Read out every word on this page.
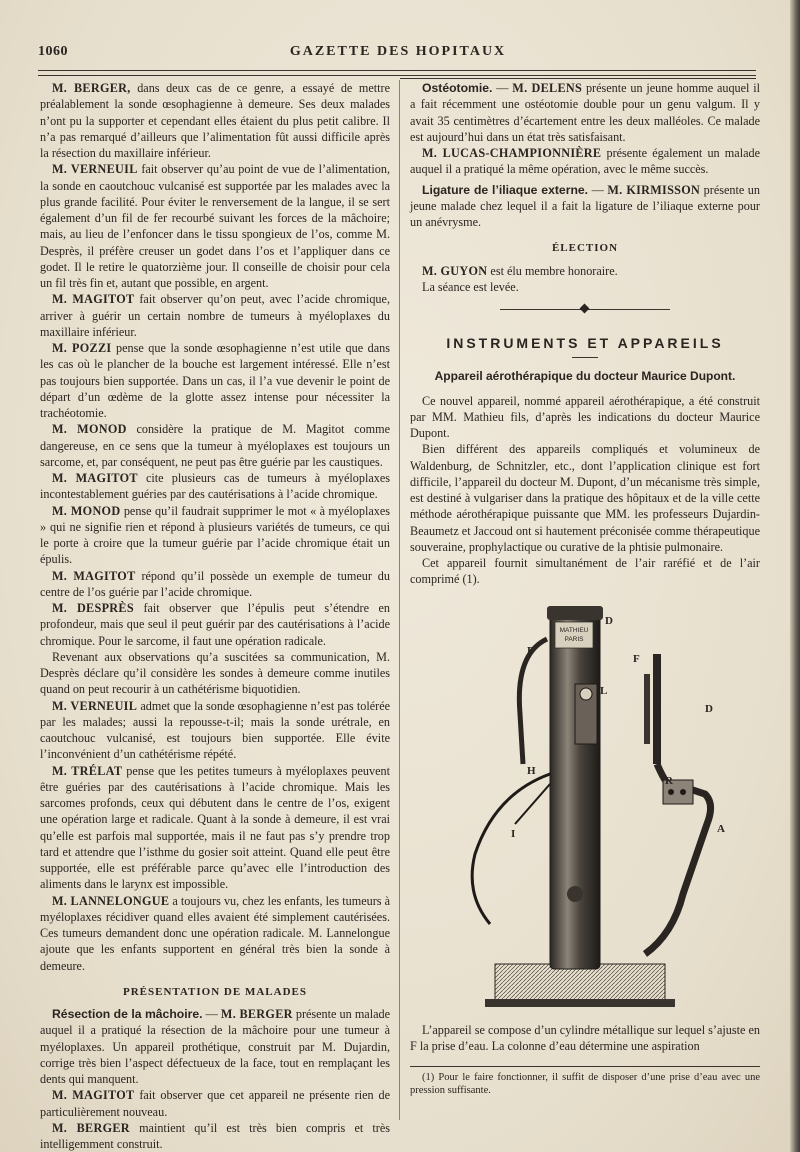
1060	GAZETTE DES HOPITAUX

M. BERGER, dans deux cas de ce genre, a essayé de mettre préalablement la sonde œsophagienne à demeure. Ses deux malades n’ont pu la supporter et cependant elles étaient du plus petit calibre. Il n’a pas remarqué d’ailleurs que l’alimentation fût aussi difficile après la résection du maxillaire inférieur.

M. VERNEUIL fait observer qu’au point de vue de l’alimentation, la sonde en caoutchouc vulcanisé est supportée par les malades avec la plus grande facilité. Pour éviter le renversement de la langue, il se sert également d’un fil de fer recourbé suivant les forces de la mâchoire; mais, au lieu de l’enfoncer dans le tissu spongieux de l’os, comme M. Desprès, il préfère creuser un godet dans l’os et l’appliquer dans ce godet. Il le retire le quatorzième jour. Il conseille de choisir pour cela un fil très fin et, autant que possible, en argent.

M. MAGITOT fait observer qu’on peut, avec l’acide chromique, arriver à guérir un certain nombre de tumeurs à myéloplaxes du maxillaire inférieur.

M. POZZI pense que la sonde œsophagienne n’est utile que dans les cas où le plancher de la bouche est largement intéressé. Elle n’est pas toujours bien supportée. Dans un cas, il l’a vue devenir le point de départ d’un œdème de la glotte assez intense pour nécessiter la trachéotomie.

M. MONOD considère la pratique de M. Magitot comme dangereuse, en ce sens que la tumeur à myéloplaxes est toujours un sarcome, et, par conséquent, ne peut pas être guérie par les caustiques.

M. MAGITOT cite plusieurs cas de tumeurs à myéloplaxes incontestablement guéries par des cautérisations à l’acide chromique.

M. MONOD pense qu’il faudrait supprimer le mot « à myéloplaxes » qui ne signifie rien et répond à plusieurs variétés de tumeurs, ce qui le porte à croire que la tumeur guérie par l’acide chromique était un épulis.

M. MAGITOT répond qu’il possède un exemple de tumeur du centre de l’os guérie par l’acide chromique.

M. DESPRÈS fait observer que l’épulis peut s’étendre en profondeur, mais que seul il peut guérir par des cautérisations à l’acide chromique. Pour le sarcome, il faut une opération radicale.

Revenant aux observations qu’a suscitées sa communication, M. Desprès déclare qu’il considère les sondes à demeure comme inutiles quand on peut recourir à un cathétérisme biquotidien.

M. VERNEUIL admet que la sonde œsophagienne n’est pas tolérée par les malades; aussi la repousse-t-il; mais la sonde urétrale, en caoutchouc vulcanisé, est toujours bien supportée. Elle évite l’inconvénient d’un cathétérisme répété.

M. TRÉLAT pense que les petites tumeurs à myéloplaxes peuvent être guéries par des cautérisations à l’acide chromique. Mais les sarcomes profonds, ceux qui débutent dans le centre de l’os, exigent une opération large et radicale. Quant à la sonde à demeure, il est vrai qu’elle est parfois mal supportée, mais il ne faut pas s’y prendre trop tard et attendre que l’isthme du gosier soit atteint. Quand elle peut être supportée, elle est préférable parce qu’avec elle l’introduction des aliments dans le larynx est impossible.

M. LANNELONGUE a toujours vu, chez les enfants, les tumeurs à myéloplaxes récidiver quand elles avaient été simplement cautérisées. Ces tumeurs demandent donc une opération radicale. M. Lannelongue ajoute que les enfants supportent en général très bien la sonde à demeure.

PRÉSENTATION DE MALADES

Résection de la mâchoire. — M. BERGER présente un malade auquel il a pratiqué la résection de la mâchoire pour une tumeur à myéloplaxes. Un appareil prothétique, construit par M. Dujardin, corrige très bien l’aspect défectueux de la face, tout en remplaçant les dents qui manquent.

M. MAGITOT fait observer que cet appareil ne présente rien de particulièrement nouveau.

M. BERGER maintient qu’il est très bien compris et très intelligemment construit.

Ostéotomie. — M. DELENS présente un jeune homme auquel il a fait récemment une ostéotomie double pour un genu valgum. Il y avait 35 centimètres d’écartement entre les deux malléoles. Ce malade est aujourd’hui dans un état très satisfaisant.

M. LUCAS-CHAMPIONNIÈRE présente également un malade auquel il a pratiqué la même opération, avec le même succès.

Ligature de l’iliaque externe. — M. KIRMISSON présente un jeune malade chez lequel il a fait la ligature de l’iliaque externe pour un anévrysme.

ÉLECTION

M. GUYON est élu membre honoraire.

La séance est levée.

INSTRUMENTS ET APPAREILS
Appareil aérothérapique du docteur Maurice Dupont.

Ce nouvel appareil, nommé appareil aérothérapique, a été construit par MM. Mathieu fils, d’après les indications du docteur Maurice Dupont.

Bien différent des appareils compliqués et volumineux de Waldenburg, de Schnitzler, etc., dont l’application clinique est fort difficile, l’appareil du docteur M. Dupont, d’un mécanisme très simple, est destiné à vulgariser dans la pratique des hôpitaux et de la ville cette méthode aérothérapique puissante que MM. les professeurs Dujardin-Beaumetz et Jaccoud ont si hautement préconisée comme thérapeutique souveraine, prophylactique ou curative de la phtisie pulmonaire.

Cet appareil fournit simultanément de l’air raréfié et de l’air comprimé (1).

MATHIEU
PARIS
D
F
F
L
D
H
R
A
I

L’appareil se compose d’un cylindre métallique sur lequel s’ajuste en F la prise d’eau. La colonne d’eau détermine une aspiration

(1) Pour le faire fonctionner, il suffit de disposer d’une prise d’eau avec une pression suffisante.
